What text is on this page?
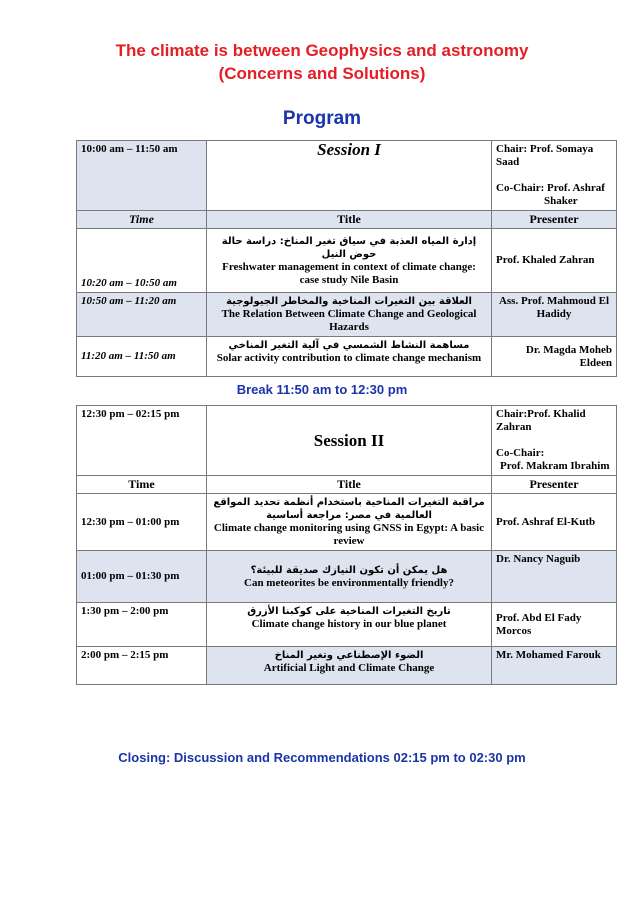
The climate is between Geophysics and astronomy
(Concerns and Solutions)
Program
10:00 am – 11:50 am	Session I	Chair: Prof. Somaya Saad
Co-Chair: Prof. Ashraf
Shaker

Time	Title	Presenter
10:20 am – 10:50 am	إدارة المياه العذبة في سياق تغير المناخ: دراسة حالة حوض النيل
Freshwater management in context of climate change: case study Nile Basin	Prof. Khaled Zahran
10:50 am – 11:20 am	العلاقة بين التغيرات المناخية والمخاطر الجيولوجية
The Relation Between Climate Change and Geological Hazards	Ass. Prof. Mahmoud El Hadidy
11:20 am – 11:50 am	مساهمة النشاط الشمسي في آلية التغير المناخي
Solar activity contribution to climate change mechanism	Dr. Magda Moheb Eldeen
Break 11:50 am to 12:30 pm
12:30 pm – 02:15 pm	Session II	Chair:Prof. Khalid Zahran
Co-Chair:
Prof. Makram Ibrahim

Time	Title	Presenter
12:30 pm – 01:00 pm	مراقبة التغيرات المناخية باستخدام أنظمة تحديد المواقع العالمية في مصر: مراجعة أساسية
Climate change monitoring using GNSS in Egypt: A basic review	Prof. Ashraf El-Kutb
01:00 pm – 01:30 pm	هل يمكن أن تكون النيازك صديقة للبيئة؟
Can meteorites be environmentally friendly?	Dr. Nancy Naguib
1:30 pm – 2:00 pm	تاريخ التغيرات المناخية على كوكبنا الأزرق
Climate change history in our blue planet	Prof. Abd El Fady Morcos
2:00 pm – 2:15 pm	الضوء الإصطناعي وتغير المناخ
Artificial Light and Climate Change	Mr. Mohamed Farouk
Closing: Discussion and Recommendations 02:15 pm to 02:30 pm
